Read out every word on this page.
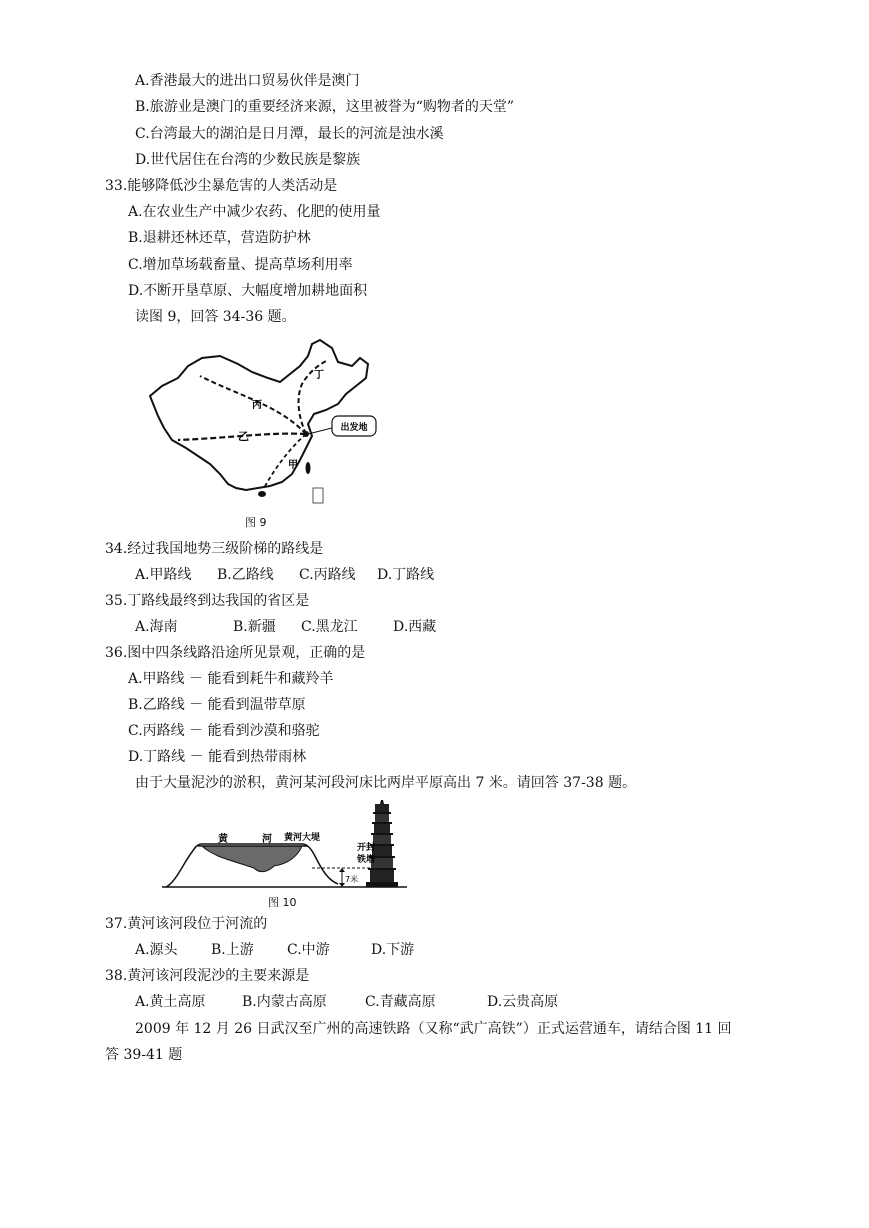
A.香港最大的进出口贸易伙伴是澳门
B.旅游业是澳门的重要经济来源，这里被誉为“购物者的天堂”
C.台湾最大的湖泊是日月潭，最长的河流是浊水溪
D.世代居住在台湾的少数民族是黎族
33.能够降低沙尘暴危害的人类活动是
A.在农业生产中减少农药、化肥的使用量
B.退耕还林还草，营造防护林
C.增加草场载畜量、提高草场利用率
D.不断开垦草原、大幅度增加耕地面积
读图 9，回答 34-36 题。
出发地
丁
丙
乙
甲
图 9
34.经过我国地势三级阶梯的路线是
A.甲路线 B.乙路线 C.丙路线 D.丁路线
35.丁路线最终到达我国的省区是
A.海南	B.新疆 C.黑龙江	D.西藏
36.图中四条线路沿途所见景观，正确的是
A.甲路线 － 能看到耗牛和藏羚羊
B.乙路线 － 能看到温带草原
C.丙路线 － 能看到沙漠和骆驼
D.丁路线 － 能看到热带雨林
由于大量泥沙的淤积，黄河某河段河床比两岸平原高出 7 米。请回答 37-38 题。
7米
黄	河 黄河大堤
开封
铁塔
图 10
37.黄河该河段位于河流的
A.源头 B.上游 C.中游	D.下游
38.黄河该河段泥沙的主要来源是
A.黄土高原	B.内蒙古高原	C.青藏高原	D.云贵高原
2009 年 12 月 26 日武汉至广州的高速铁路（又称“武广高铁”）正式运营通车，请结合图 11 回
答 39-41 题
